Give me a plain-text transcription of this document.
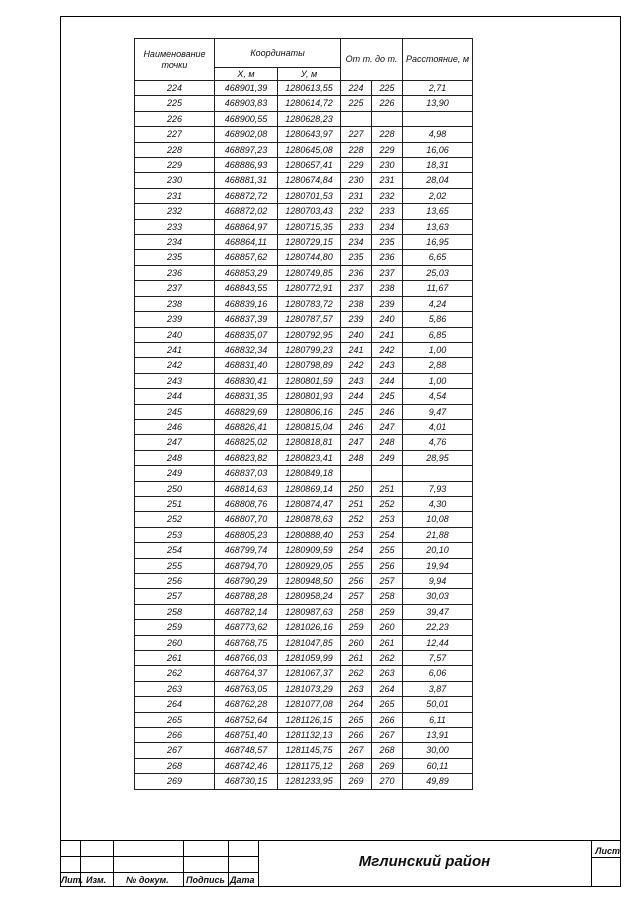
Наименование точки	Координаты		От т. до т.		Расстояние, м
	X, м	У, м			
224	468901,39	1280613,55	224	225	2,71
225	468903,83	1280614,72	225	226	13,90
226	468900,55	1280628,23			
227	468902,08	1280643,97	227	228	4,98
228	468897,23	1280645,08	228	229	16,06
229	468886,93	1280657,41	229	230	18,31
230	468881,31	1280674,84	230	231	28,04
231	468872,72	1280701,53	231	232	2,02
232	468872,02	1280703,43	232	233	13,65
233	468864,97	1280715,35	233	234	13,63
234	468864,11	1280729,15	234	235	16,95
235	468857,62	1280744,80	235	236	6,65
236	468853,29	1280749,85	236	237	25,03
237	468843,55	1280772,91	237	238	11,67
238	468839,16	1280783,72	238	239	4,24
239	468837,39	1280787,57	239	240	5,86
240	468835,07	1280792,95	240	241	6,85
241	468832,34	1280799,23	241	242	1,00
242	468831,40	1280798,89	242	243	2,88
243	468830,41	1280801,59	243	244	1,00
244	468831,35	1280801,93	244	245	4,54
245	468829,69	1280806,16	245	246	9,47
246	468826,41	1280815,04	246	247	4,01
247	468825,02	1280818,81	247	248	4,76
248	468823,82	1280823,41	248	249	28,95
249	468837,03	1280849,18			
250	468814,63	1280869,14	250	251	7,93
251	468808,76	1280874,47	251	252	4,30
252	468807,70	1280878,63	252	253	10,08
253	468805,23	1280888,40	253	254	21,88
254	468799,74	1280909,59	254	255	20,10
255	468794,70	1280929,05	255	256	19,94
256	468790,29	1280948,50	256	257	9,94
257	468788,28	1280958,24	257	258	30,03
258	468782,14	1280987,63	258	259	39,47
259	468773,62	1281026,16	259	260	22,23
260	468768,75	1281047,85	260	261	12,44
261	468766,03	1281059,99	261	262	7,57
262	468764,37	1281067,37	262	263	6,06
263	468763,05	1281073,29	263	264	3,87
264	468762,28	1281077,08	264	265	50,01
265	468752,64	1281126,15	265	266	6,11
266	468751,40	1281132,13	266	267	13,91
267	468748,57	1281145,75	267	268	30,00
268	468742,46	1281175,12	268	269	60,11
269	468730,15	1281233,95	269	270	49,89
Лит. Изм. № докум. Подпись Дата
Мглинский район
Лист
